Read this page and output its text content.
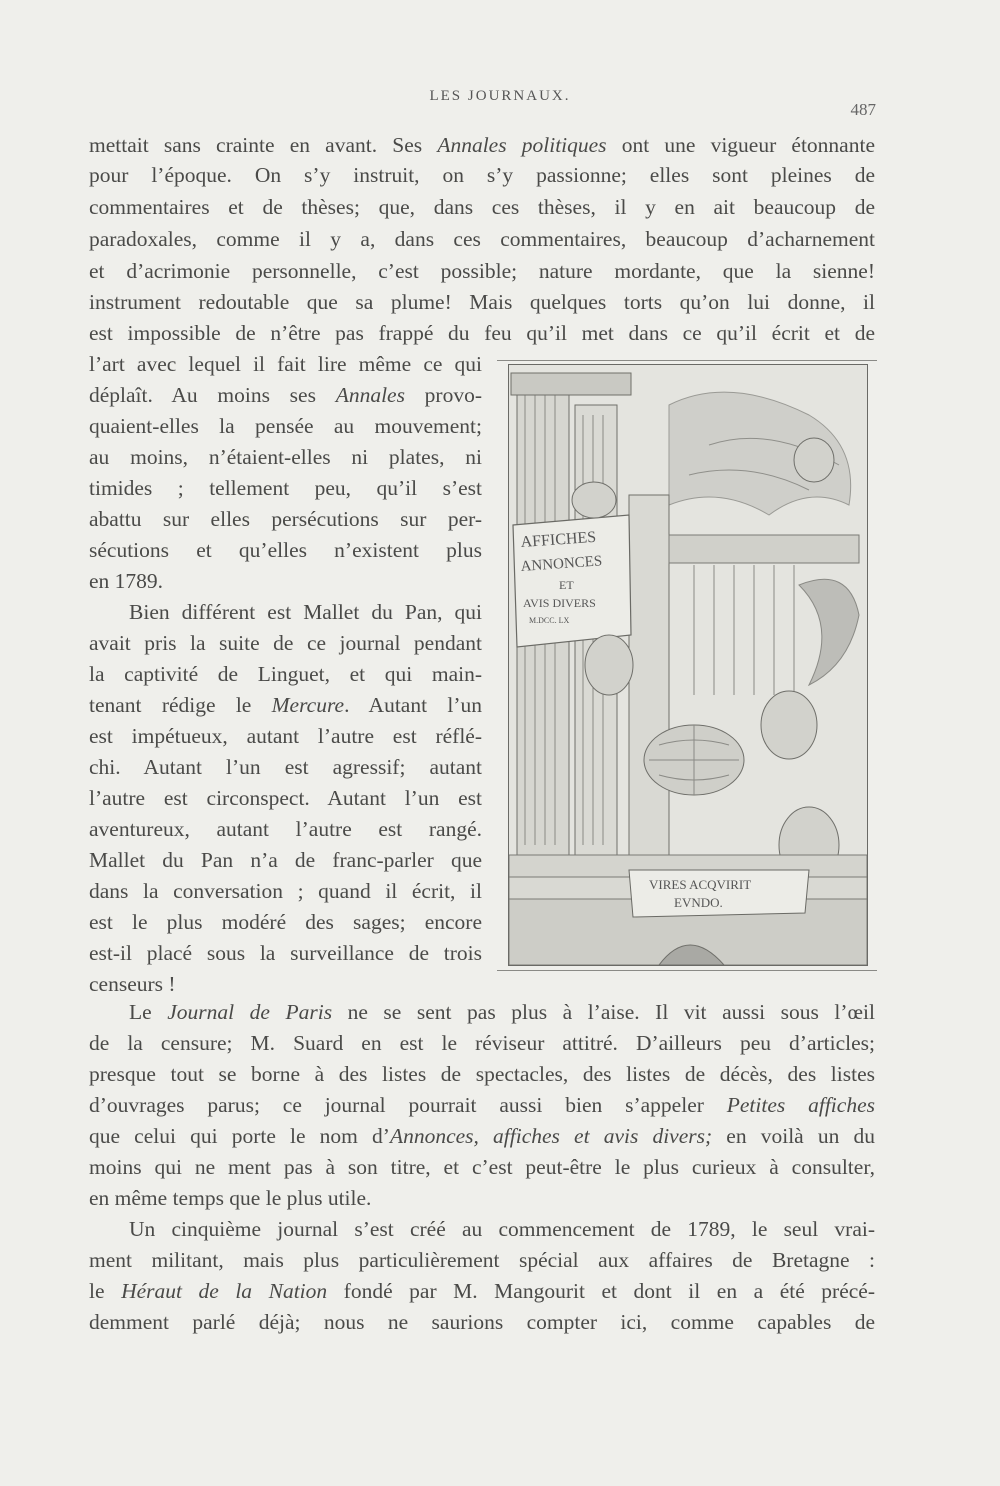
LES JOURNAUX.
487
mettait sans crainte en avant. Ses Annales politiques ont une vigueur étonnante
pour l’époque. On s’y instruit, on s’y passionne; elles sont pleines de
commentaires et de thèses; que, dans ces thèses, il y en ait beaucoup de
paradoxales, comme il y a, dans ces commentaires, beaucoup d’acharnement
et d’acrimonie personnelle, c’est possible; nature mordante, que la sienne!
instrument redoutable que sa plume! Mais quelques torts qu’on lui donne, il
est impossible de n’être pas frappé du feu qu’il met dans ce qu’il écrit et de
l’art avec lequel il fait lire même ce qui
déplaît. Au moins ses Annales provo-
quaient-elles la pensée au mouvement;
au moins, n’étaient-elles ni plates, ni
timides ; tellement peu, qu’il s’est
abattu sur elles persécutions sur per-
sécutions et qu’elles n’existent plus
en 1789.
Bien différent est Mallet du Pan, qui
avait pris la suite de ce journal pendant
la captivité de Linguet, et qui main-
tenant rédige le Mercure. Autant l’un
est impétueux, autant l’autre est réflé-
chi. Autant l’un est agressif; autant
l’autre est circonspect. Autant l’un est
aventureux, autant l’autre est rangé.
Mallet du Pan n’a de franc-parler que
dans la conversation ; quand il écrit, il
est le plus modéré des sages; encore
est-il placé sous la surveillance de trois
censeurs !
Le Journal de Paris ne se sent pas plus à l’aise. Il vit aussi sous l’œil
de la censure; M. Suard en est le réviseur attitré. D’ailleurs peu d’articles;
presque tout se borne à des listes de spectacles, des listes de décès, des listes
d’ouvrages parus; ce journal pourrait aussi bien s’appeler Petites affiches
que celui qui porte le nom d’Annonces, affiches et avis divers; en voilà un du
moins qui ne ment pas à son titre, et c’est peut-être le plus curieux à consulter,
en même temps que le plus utile.
Un cinquième journal s’est créé au commencement de 1789, le seul vrai-
ment militant, mais plus particulièrement spécial aux affaires de Bretagne :
le Héraut de la Nation fondé par M. Mangourit et dont il en a été précé-
demment parlé déjà; nous ne saurions compter ici, comme capables de
AFFICHES
ANNONCES
ET
AVIS DIVERS
M.DCC. LX
VIRES ACQVIRIT
EVNDO.
